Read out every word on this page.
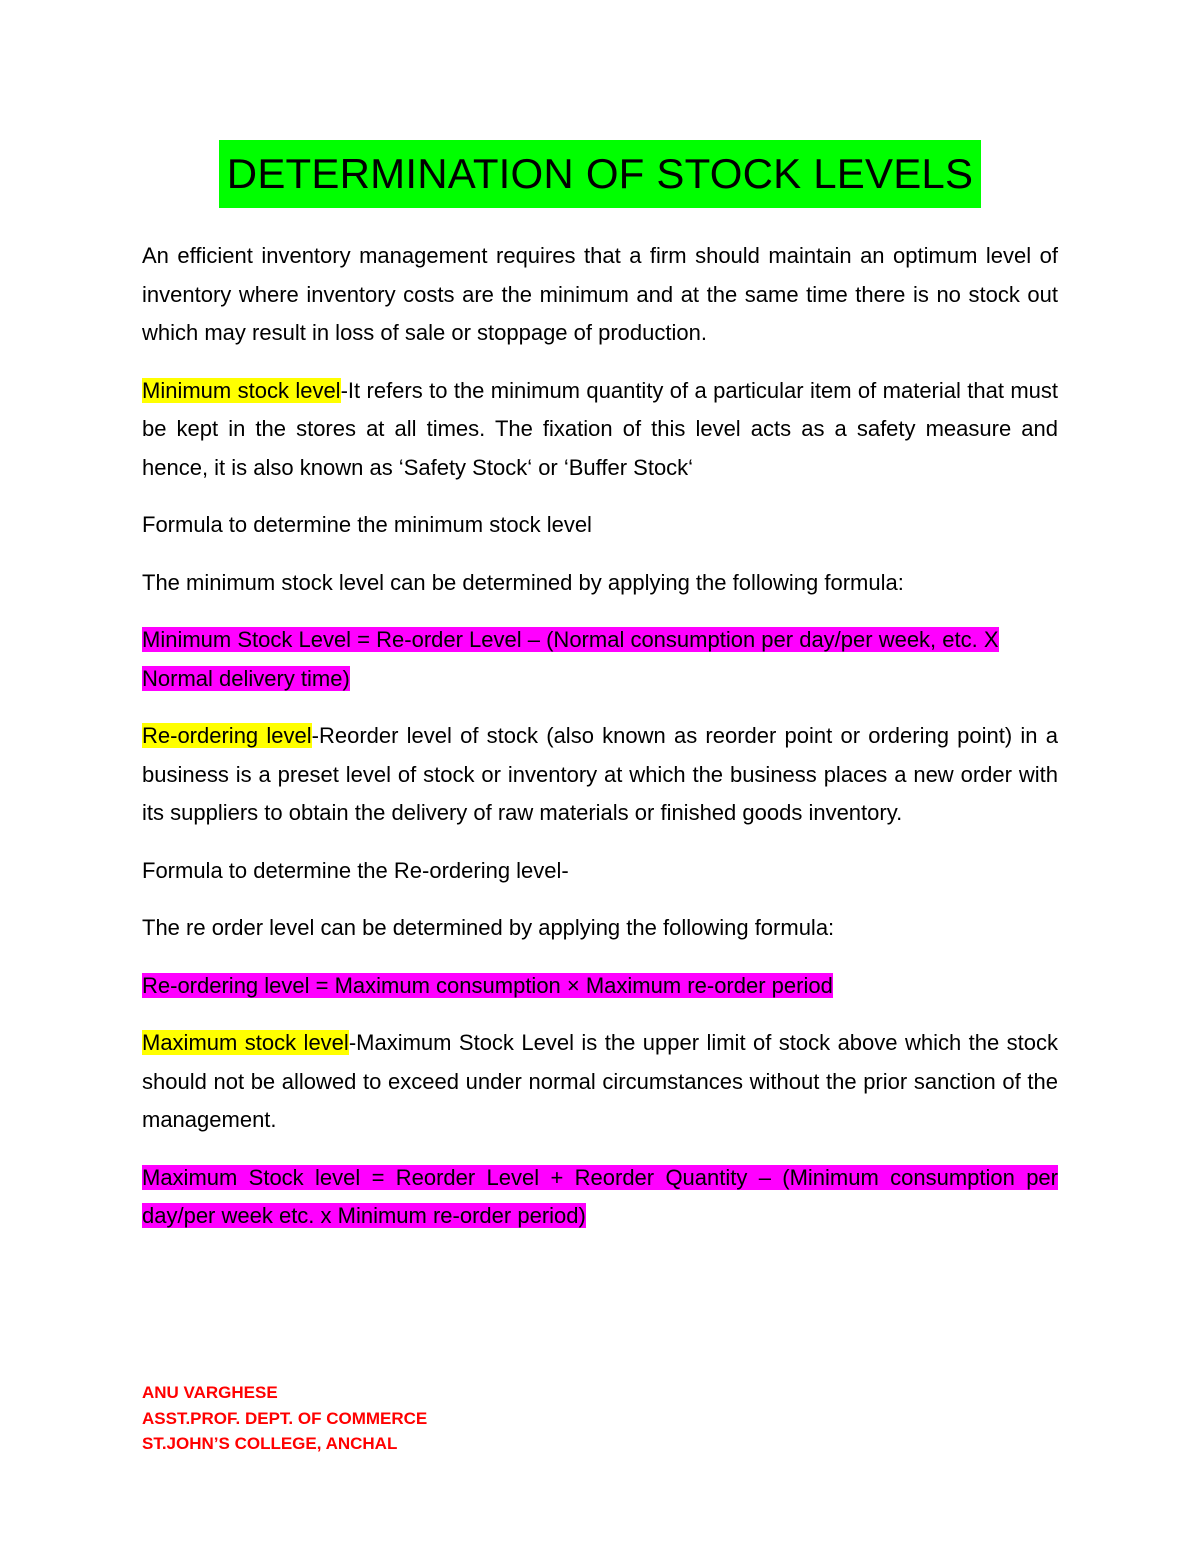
DETERMINATION OF STOCK LEVELS

An efficient inventory management requires that a firm should maintain an optimum level of inventory where inventory costs are the minimum and at the same time there is no stock out which may result in loss of sale or stoppage of production.

Minimum stock level-It refers to the minimum quantity of a particular item of material that must be kept in the stores at all times. The fixation of this level acts as a safety measure and hence, it is also known as ‘Safety Stock‘ or ‘Buffer Stock‘

Formula to determine the minimum stock level

The minimum stock level can be determined by applying the following formula:

Minimum Stock Level = Re-order Level – (Normal consumption per day/per week, etc. X Normal delivery time)

Re-ordering level-Reorder level of stock (also known as reorder point or ordering point) in a business is a preset level of stock or inventory at which the business places a new order with its suppliers to obtain the delivery of raw materials or finished goods inventory.

Formula to determine the Re-ordering level-

The re order level can be determined by applying the following formula:

Re-ordering level = Maximum consumption × Maximum re-order period

Maximum stock level-Maximum Stock Level is the upper limit of stock above which the stock should not be allowed to exceed under normal circumstances without the prior sanction of the management.

Maximum Stock level = Reorder Level + Reorder Quantity – (Minimum consumption per day/per week etc. x Minimum re-order period)

ANU VARGHESE
ASST.PROF. DEPT. OF COMMERCE
ST.JOHN’S COLLEGE, ANCHAL
